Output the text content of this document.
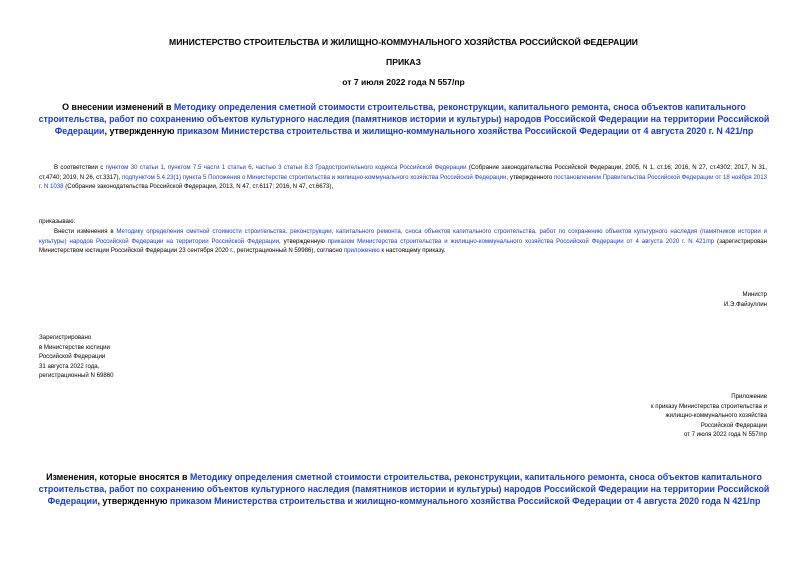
МИНИСТЕРСТВО СТРОИТЕЛЬСТВА И ЖИЛИЩНО-КОММУНАЛЬНОГО ХОЗЯЙСТВА РОССИЙСКОЙ ФЕДЕРАЦИИ
ПРИКАЗ
от 7 июля 2022 года N 557/пр
О внесении изменений в Методику определения сметной стоимости строительства, реконструкции, капитального ремонта, сноса объектов капитального строительства, работ по сохранению объектов культурного наследия (памятников истории и культуры) народов Российской Федерации на территории Российской Федерации, утвержденную приказом Министерства строительства и жилищно-коммунального хозяйства Российской Федерации от 4 августа 2020 г. N 421/пр
В соответствии с пунктом 30 статьи 1, пунктом 7.5 части 1 статьи 6, частью 3 статьи 8.3 Градостроительного кодекса Российской Федерации (Собрание законодательства Российской Федерации, 2005, N 1, ст.16; 2016, N 27, ст.4302; 2017, N 31, ст.4740; 2019, N 26, ст.3317), подпунктом 5.4.23(1) пункта 5 Положения о Министерстве строительства и жилищно-коммунального хозяйства Российской Федерации, утвержденного постановлением Правительства Российской Федерации от 18 ноября 2013 г. N 1038 (Собрание законодательства Российской Федерации, 2013, N 47, ст.6117; 2016, N 47, ст.6673),
приказываю:
Внести изменения в Методику определения сметной стоимости строительства, реконструкции, капитального ремонта, сноса объектов капитального строительства, работ по сохранению объектов культурного наследия (памятников истории и культуры) народов Российской Федерации на территории Российской Федерации, утвержденную приказом Министерства строительства и жилищно-коммунального хозяйства Российской Федерации от 4 августа 2020 г. N 421/пр (зарегистрирован Министерством юстиции Российской Федерации 23 сентября 2020 г., регистрационный N 59986), согласно приложению к настоящему приказу.
Министр
И.Э.Файзуллин
Зарегистрировано
в Министерстве юстиции
Российской Федерации
31 августа 2022 года,
регистрационный N 69860
Приложение
к приказу Министерства строительства и
жилищно-коммунального хозяйства
Российской Федерации
от 7 июля 2022 года N 557/пр
Изменения, которые вносятся в Методику определения сметной стоимости строительства, реконструкции, капитального ремонта, сноса объектов капитального строительства, работ по сохранению объектов культурного наследия (памятников истории и культуры) народов Российской Федерации на территории Российской Федерации, утвержденную приказом Министерства строительства и жилищно-коммунального хозяйства Российской Федерации от 4 августа 2020 года N 421/пр
